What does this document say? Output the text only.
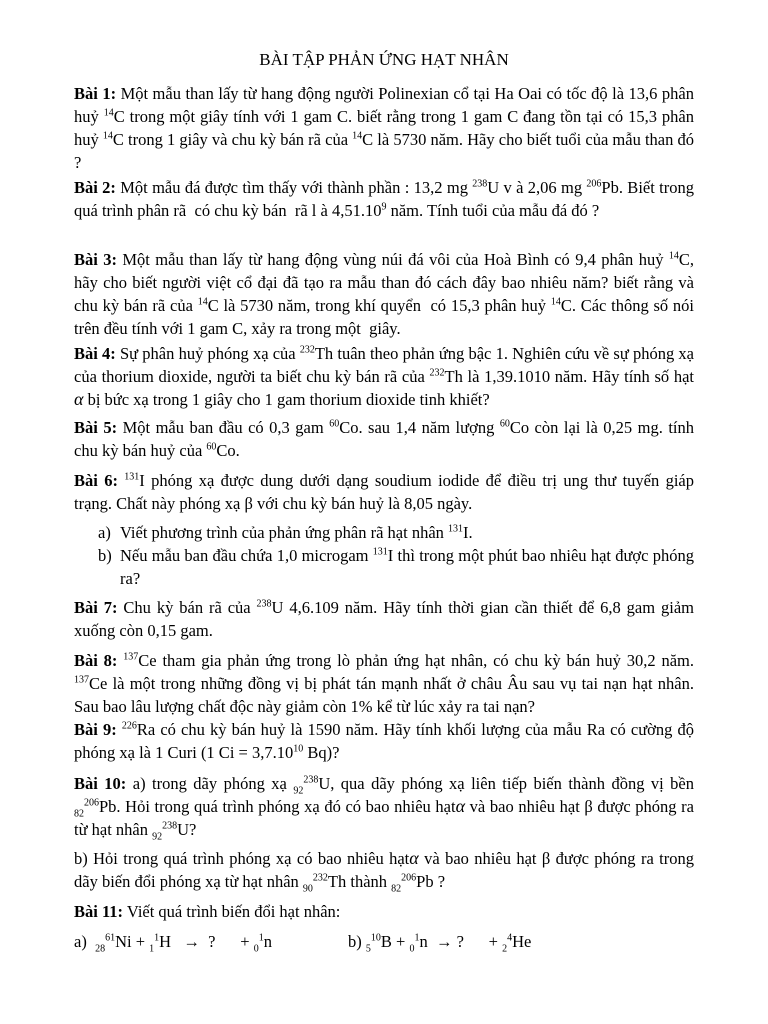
BÀI TẬP PHẢN ỨNG HẠT NHÂN
Bài 1: Một mẫu than lấy từ hang động người Polinexian cổ tại Ha Oai có tốc độ là 13,6 phân huỷ $^{14}$C trong một giây tính với 1 gam C. biết rằng trong 1 gam C đang tồn tại có 15,3 phân huỷ $^{14}$C trong 1 giây và chu kỳ bán rã của $^{14}$C là 5730 năm. Hãy cho biết tuổi của mẫu than đó ?
Bài 2: Một mẫu đá được tìm thấy với thành phần : 13,2 mg $^{238}$U v à 2,06 mg $^{206}$Pb. Biết trong quá trình phân rã  có chu kỳ bán  rã l à 4,51.10$^9$ năm. Tính tuổi của mẫu đá đó ?
Bài 3: Một mẫu than lấy từ hang động vùng núi đá vôi của Hoà Bình có 9,4 phân huỷ $^{14}$C, hãy cho biết người việt cổ đại đã tạo ra mẫu than đó cách đây bao nhiêu năm? biết rằng và chu kỳ bán rã của $^{14}$C là 5730 năm, trong khí quyển  có 15,3 phân huỷ $^{14}$C. Các thông số nói trên đều tính với 1 gam C, xảy ra trong một  giây.
Bài 4: Sự phân huỷ phóng xạ của $^{232}$Th tuân theo phản ứng bậc 1. Nghiên cứu về sự phóng xạ của thorium dioxide, người ta biết chu kỳ bán rã của $^{232}$Th là 1,39.1010 năm. Hãy tính số hạt α bị bức xạ trong 1 giây cho 1 gam thorium dioxide tinh khiết?
Bài 5: Một mẫu ban đầu có 0,3 gam $^{60}$Co. sau 1,4 năm lượng $^{60}$Co còn lại là 0,25 mg. tính chu kỳ bán huỷ của $^{60}$Co.
Bài 6: $^{131}$I phóng xạ được dung dưới dạng soudium iodide để điều trị ung thư tuyến giáp trạng. Chất này phóng xạ β với chu kỳ bán huỷ là 8,05 ngày.
a) Viết phương trình của phản ứng phân rã hạt nhân $^{131}$I.
b) Nếu mẫu ban đầu chứa 1,0 microgam $^{131}$I thì trong một phút bao nhiêu hạt được phóng ra?
Bài 7: Chu kỳ bán rã của $^{238}$U 4,6.109 năm. Hãy tính thời gian cần thiết để 6,8 gam giảm xuống còn 0,15 gam.
Bài 8: $^{137}$Ce tham gia phản ứng trong lò phản ứng hạt nhân, có chu kỳ bán huỷ 30,2 năm. $^{137}$Ce là một trong những đồng vị bị phát tán mạnh nhất ở châu Âu sau vụ tai nạn hạt nhân. Sau bao lâu lượng chất độc này giảm còn 1% kể từ lúc xảy ra tai nạn?
Bài 9: $^{226}$Ra có chu kỳ bán huỷ là 1590 năm. Hãy tính khối lượng của mẫu Ra có cường độ phóng xạ là 1 Curi (1 $Ci = 3,7.10^{10}$ Bq)?
Bài 10: a) trong dãy phóng xạ $_{92}^{238}$U, qua dãy phóng xạ liên tiếp biến thành đồng vị bền $_{82}^{206}$Pb. Hỏi trong quá trình phóng xạ đó có bao nhiêu hạtα và bao nhiêu hạt β được phóng ra từ hạt nhân $_{92}^{238}$U?
b) Hỏi trong quá trình phóng xạ có bao nhiêu hạtα và bao nhiêu hạt β được phóng ra trong dãy biến đổi phóng xạ từ hạt nhân $_{90}^{232}$Th thành $_{82}^{206}$Pb ?
Bài 11: Viết quá trình biến đổi hạt nhân:
a) $_{28}^{61}$Ni + $_1^1$H   →  ?      + $_0^1$n	b) $_5^{10}$B + $_0^1$n  → ?      + $_2^4$He
